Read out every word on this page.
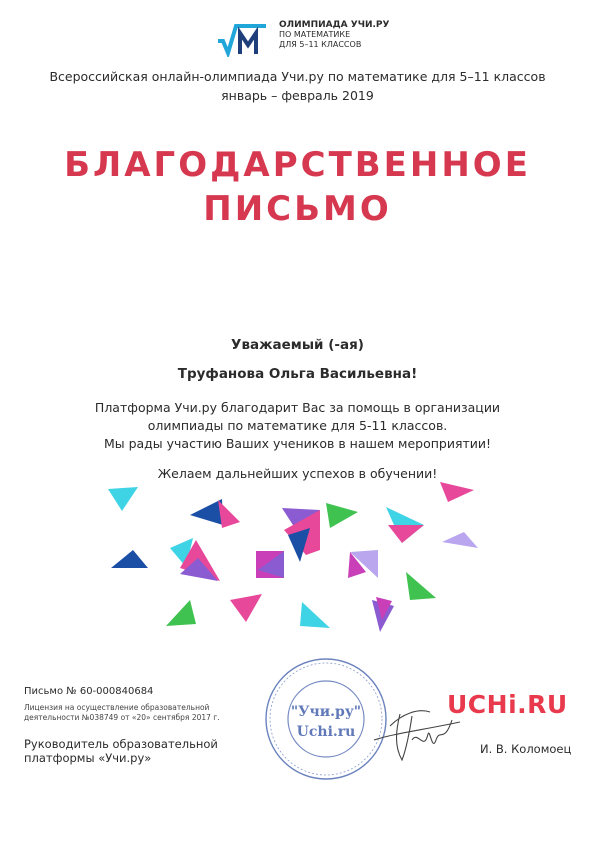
ОЛИМПИАДА УЧИ.РУ
ПО МАТЕМАТИКЕ
ДЛЯ 5–11 КЛАССОВ
Всероссийская онлайн-олимпиада Учи.ру по математике для 5–11 классов
январь – февраль 2019
БЛАГОДАРСТВЕННОЕ
ПИСЬМО
Уважаемый (-ая)
Труфанова Ольга Васильевна!
Платформа Учи.ру благодарит Вас за помощь в организации
олимпиады по математике для 5-11 классов.
Мы рады участию Ваших учеников в нашем мероприятии!
Желаем дальнейших успехов в обучении!
Письмо № 60-000840684
Лицензия на осуществление образовательной
деятельности №038749 от «20» сентября 2017 г.
Руководитель образовательной
платформы «Учи.ру»
"Учи.ру"
Uchi.ru
UCHi.RU
И. В. Коломоец
